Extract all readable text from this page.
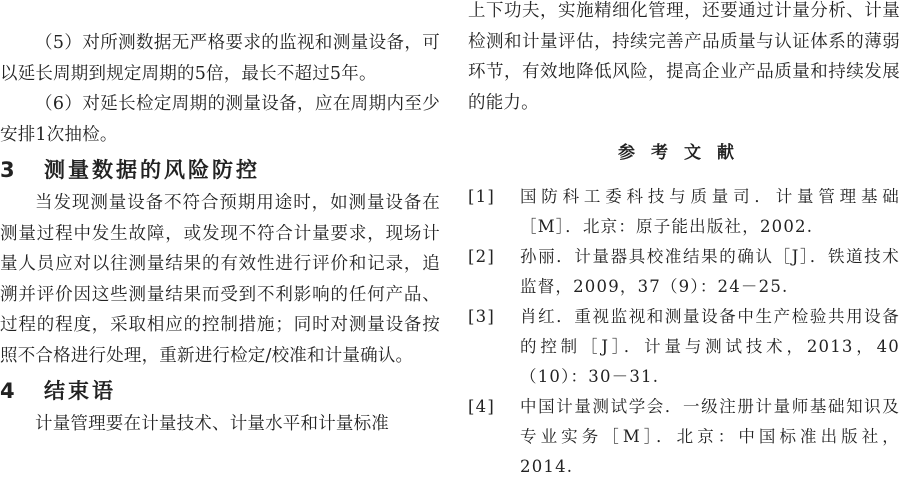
（5）对所测数据无严格要求的监视和测量设备，可以延长周期到规定周期的5倍，最长不超过5年。

（6）对延长检定周期的测量设备，应在周期内至少安排1次抽检。

3 测量数据的风险防控

当发现测量设备不符合预期用途时，如测量设备在测量过程中发生故障，或发现不符合计量要求，现场计量人员应对以往测量结果的有效性进行评价和记录，追溯并评价因这些测量结果而受到不利影响的任何产品、过程的程度，采取相应的控制措施；同时对测量设备按照不合格进行处理，重新进行检定/校准和计量确认。

4 结束语

计量管理要在计量技术、计量水平和计量标准

上下功夫，实施精细化管理，还要通过计量分析、计量检测和计量评估，持续完善产品质量与认证体系的薄弱环节，有效地降低风险，提高企业产品质量和持续发展的能力。

参考文献
[1]	国防科工委科技与质量司．计量管理基础［M］．北京：原子能出版社，2002.
[2]	孙丽．计量器具校准结果的确认［J］．铁道技术监督，2009，37（9）：24－25.
[3]	肖红．重视监视和测量设备中生产检验共用设备的控制［J］．计量与测试技术，2013，40（10）：30－31.
[4]	中国计量测试学会．一级注册计量师基础知识及专业实务［M］．北京：中国标准出版社，2014.
